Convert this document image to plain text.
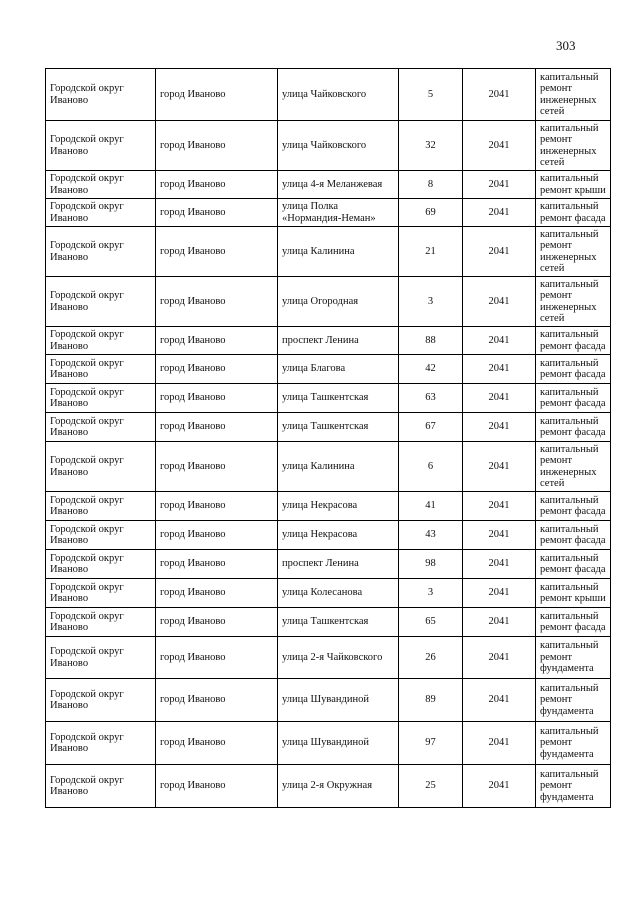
303
Городской округ Иваново	город Иваново	улица Чайковского	5	2041	капитальный ремонт инженерных сетей
Городской округ Иваново	город Иваново	улица Чайковского	32	2041	капитальный ремонт инженерных сетей
Городской округ Иваново	город Иваново	улица 4-я Меланжевая	8	2041	капитальный ремонт крыши
Городской округ Иваново	город Иваново	улица Полка «Нормандия-Неман»	69	2041	капитальный ремонт фасада
Городской округ Иваново	город Иваново	улица Калинина	21	2041	капитальный ремонт инженерных сетей
Городской округ Иваново	город Иваново	улица Огородная	3	2041	капитальный ремонт инженерных сетей
Городской округ Иваново	город Иваново	проспект Ленина	88	2041	капитальный ремонт фасада
Городской округ Иваново	город Иваново	улица Благова	42	2041	капитальный ремонт фасада
Городской округ Иваново	город Иваново	улица Ташкентская	63	2041	капитальный ремонт фасада
Городской округ Иваново	город Иваново	улица Ташкентская	67	2041	капитальный ремонт фасада
Городской округ Иваново	город Иваново	улица Калинина	6	2041	капитальный ремонт инженерных сетей
Городской округ Иваново	город Иваново	улица Некрасова	41	2041	капитальный ремонт фасада
Городской округ Иваново	город Иваново	улица Некрасова	43	2041	капитальный ремонт фасада
Городской округ Иваново	город Иваново	проспект Ленина	98	2041	капитальный ремонт фасада
Городской округ Иваново	город Иваново	улица Колесанова	3	2041	капитальный ремонт крыши
Городской округ Иваново	город Иваново	улица Ташкентская	65	2041	капитальный ремонт фасада
Городской округ Иваново	город Иваново	улица 2-я Чайковского	26	2041	капитальный ремонт фундамента
Городской округ Иваново	город Иваново	улица Шувандиной	89	2041	капитальный ремонт фундамента
Городской округ Иваново	город Иваново	улица Шувандиной	97	2041	капитальный ремонт фундамента
Городской округ Иваново	город Иваново	улица 2-я Окружная	25	2041	капитальный ремонт фундамента
